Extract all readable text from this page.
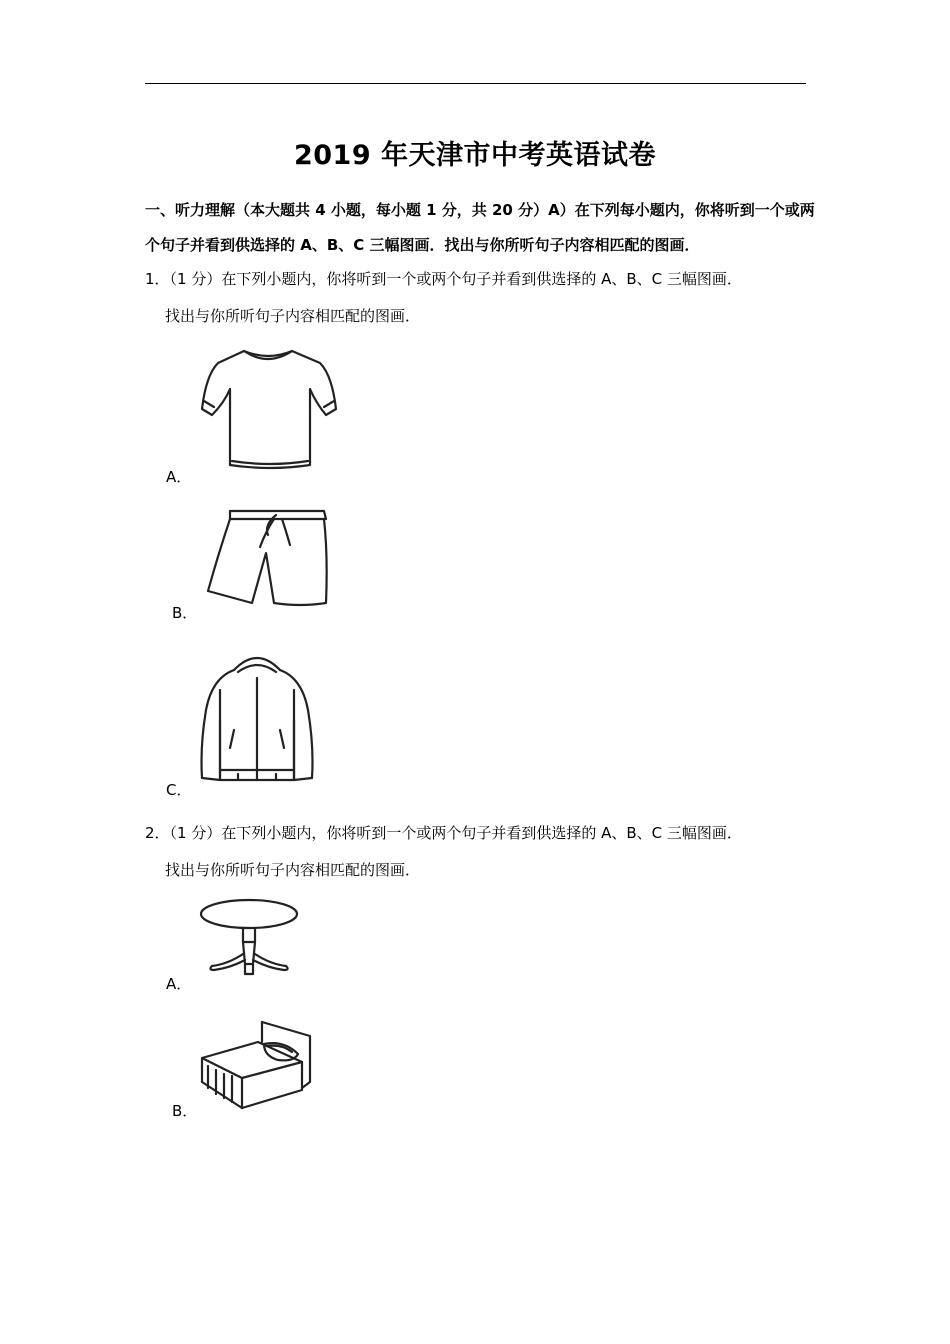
2019 年天津市中考英语试卷
一、听力理解（本大题共 4 小题，每小题 1 分，共 20 分）A）在下列每小题内，你将听到一个或两个句子并看到供选择的 A、B、C 三幅图画．找出与你所听句子内容相匹配的图画．
1．（1 分）在下列小题内，你将听到一个或两个句子并看到供选择的 A、B、C 三幅图画．
找出与你所听句子内容相匹配的图画．
A．
B．
C．
2．（1 分）在下列小题内，你将听到一个或两个句子并看到供选择的 A、B、C 三幅图画．
找出与你所听句子内容相匹配的图画．
A．
B．
